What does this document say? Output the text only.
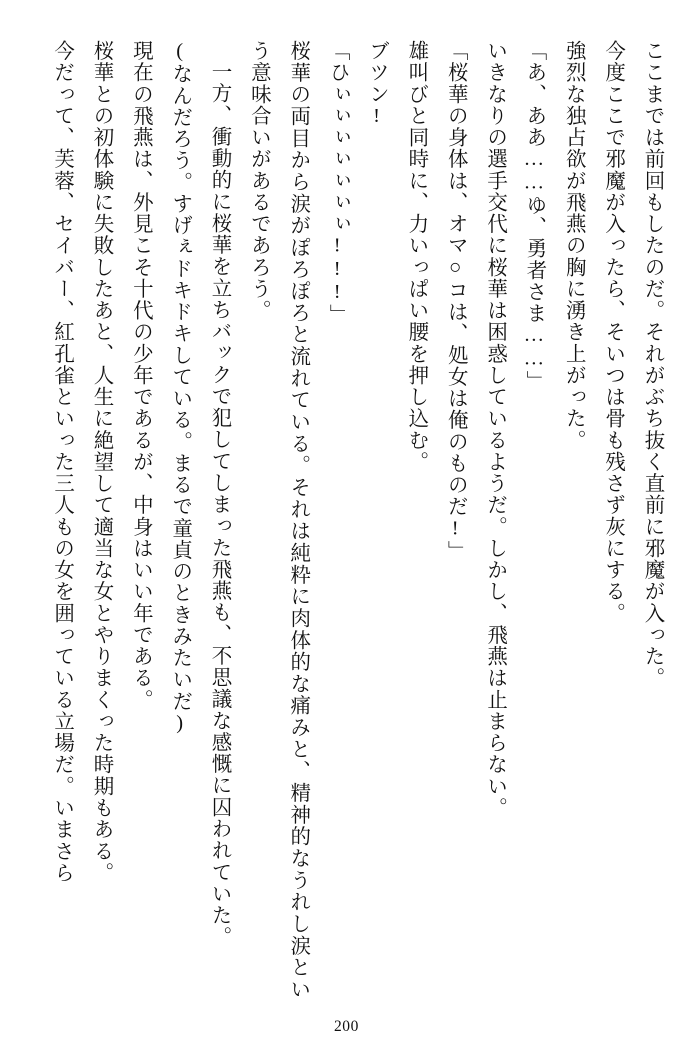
ここまでは前回もしたのだ。それがぶち抜く直前に邪魔が入った。

今度ここで邪魔が入ったら、そいつは骨も残さず灰にする。

強烈な独占欲が飛燕の胸に湧き上がった。

「あ、ああ……ゆ、勇者さま……」

いきなりの選手交代に桜華は困惑しているようだ。しかし、飛燕は止まらない。

「桜華の身体は、オマ○コは、処女は俺のものだ!」

雄叫びと同時に、力いっぱい腰を押し込む。

ブツン!

「ひぃぃぃぃぃぃぃ!!!」

桜華の両目から涙がぽろぽろと流れている。それは純粋に肉体的な痛みと、精神的なうれし涙という意味合いがあるであろう。

一方、衝動的に桜華を立ちバックで犯してしまった飛燕も、不思議な感慨に囚われていた。

(なんだろう。すげぇドキドキしている。まるで童貞のときみたいだ)

現在の飛燕は、外見こそ十代の少年であるが、中身はいい年である。

桜華との初体験に失敗したあと、人生に絶望して適当な女とやりまくった時期もある。

今だって、芙蓉、セイバー、紅孔雀といった三人もの女を囲っている立場だ。いまさら

200
